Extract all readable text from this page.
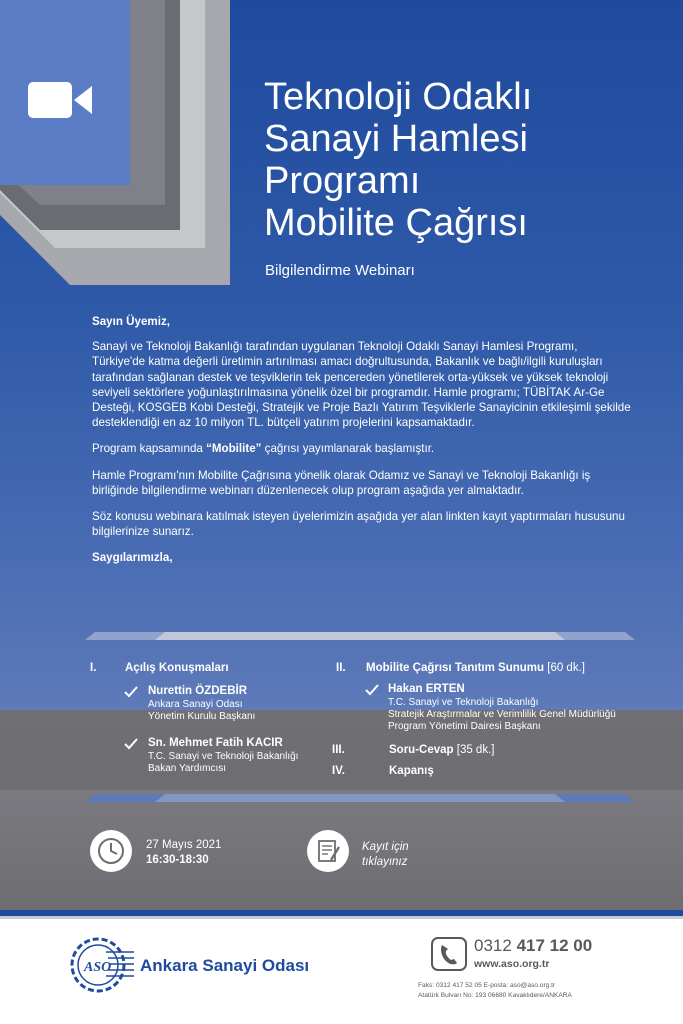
Teknoloji Odaklı
Sanayi Hamlesi
Programı
Mobilite Çağrısı
Bilgilendirme Webinarı

Sayın Üyemiz,

Sanayi ve Teknoloji Bakanlığı tarafından uygulanan Teknoloji Odaklı Sanayi Hamlesi Programı, Türkiye'de katma değerli üretimin artırılması amacı doğrultusunda, Bakanlık ve bağlı/ilgili kuruluşları tarafından sağlanan destek ve teşviklerin tek pencereden yönetilerek orta-yüksek ve yüksek teknoloji seviyeli sektörlere yoğunlaştırılmasına yönelik özel bir programdır. Hamle programı; TÜBİTAK Ar-Ge Desteği, KOSGEB Kobi Desteği, Stratejik ve Proje Bazlı Yatırım Teşviklerle Sanayicinin etkileşimli şekilde desteklendiği en az 10 milyon TL. bütçeli yatırım projelerini kapsamaktadır.

Program kapsamında “Mobilite” çağrısı yayımlanarak başlamıştır.

Hamle Programı'nın Mobilite Çağrısına yönelik olarak Odamız ve Sanayi ve Teknoloji Bakanlığı iş birliğinde bilgilendirme webinarı düzenlenecek olup program aşağıda yer almaktadır.

Söz konusu webinara katılmak isteyen üyelerimizin aşağıda yer alan linkten kayıt yaptırmaları hususunu bilgilerinize sunarız.

Saygılarımızla,

I. Açılış Konuşmaları
Nurettin ÖZDEBİR
Ankara Sanayi Odası
Yönetim Kurulu Başkanı
Sn. Mehmet Fatih KACIR
T.C. Sanayi ve Teknoloji Bakanlığı
Bakan Yardımcısı
II. Mobilite Çağrısı Tanıtım Sunumu [60 dk.]
Hakan ERTEN
T.C. Sanayi ve Teknoloji Bakanlığı
Stratejik Araştırmalar ve Verimlilik Genel Müdürlüğü
Program Yönetimi Dairesi Başkanı
III.	Soru-Cevap [35 dk.]
IV.	Kapanış
27 Mayıs 2021
16:30-18:30
Kayıt için
tıklayınız
ASO Ankara Sanayi Odası
0312 417 12 00
www.aso.org.tr
Faks: 0312 417 52 05 E-posta: aso@aso.org.tr
Atatürk Bulvarı No: 193 06680 Kavaklıdere/ANKARA
